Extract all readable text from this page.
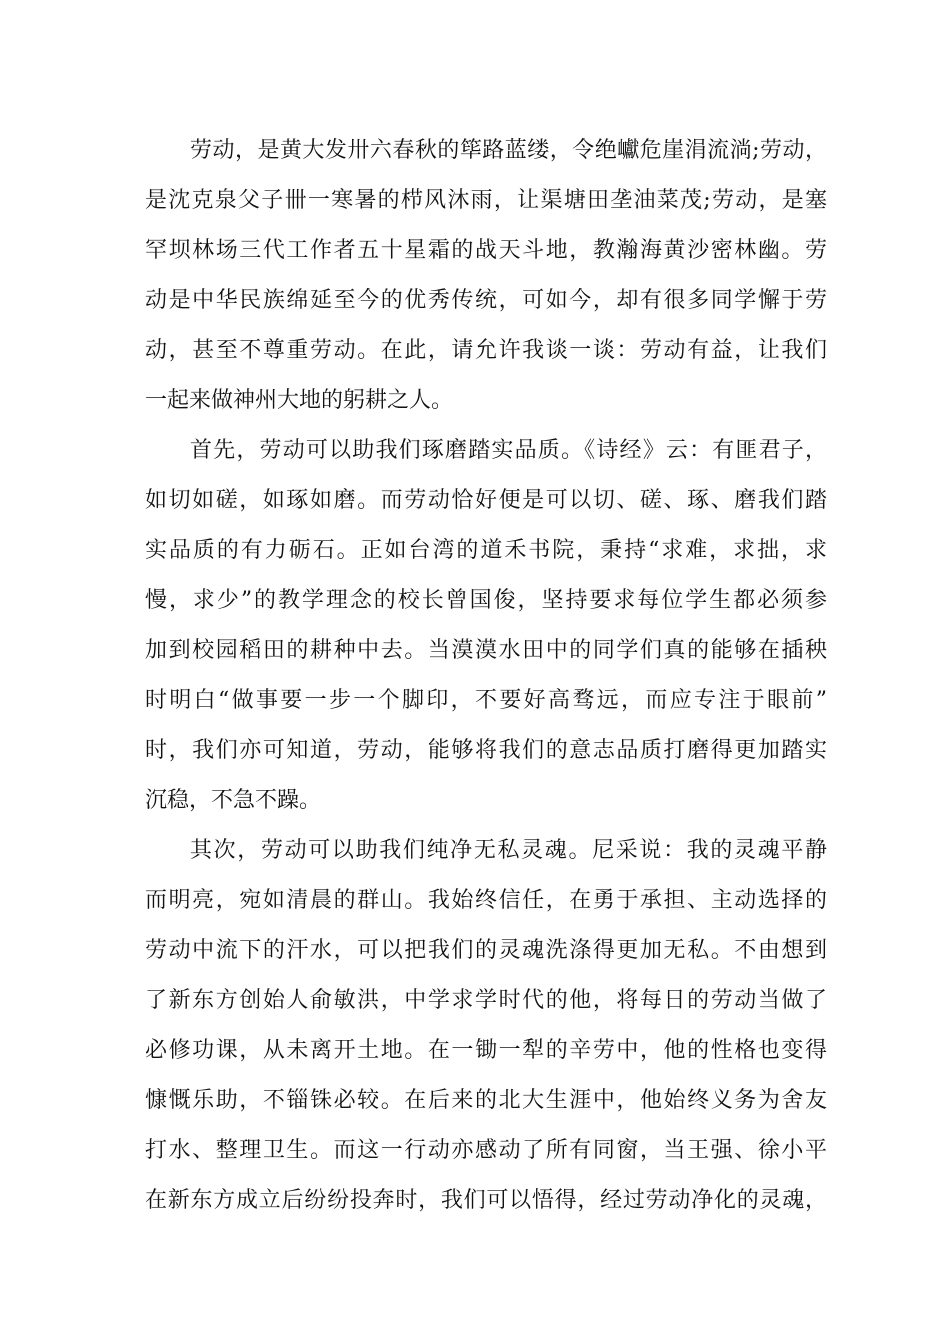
劳动，是黄大发卅六春秋的筚路蓝缕，令绝巘危崖涓流淌;劳动，
是沈克泉父子卌一寒暑的栉风沐雨，让渠塘田垄油菜茂;劳动，是塞
罕坝林场三代工作者五十星霜的战天斗地，教瀚海黄沙密林幽。劳
动是中华民族绵延至今的优秀传统，可如今，却有很多同学懈于劳
动，甚至不尊重劳动。在此，请允许我谈一谈：劳动有益，让我们
一起来做神州大地的躬耕之人。
首先，劳动可以助我们琢磨踏实品质。《诗经》云：有匪君子，
如切如磋，如琢如磨。而劳动恰好便是可以切、磋、琢、磨我们踏
实品质的有力砺石。正如台湾的道禾书院，秉持“求难，求拙，求
慢，求少”的教学理念的校长曾国俊，坚持要求每位学生都必须参
加到校园稻田的耕种中去。当漠漠水田中的同学们真的能够在插秧
时明白“做事要一步一个脚印，不要好高骛远，而应专注于眼前”
时，我们亦可知道，劳动，能够将我们的意志品质打磨得更加踏实
沉稳，不急不躁。
其次，劳动可以助我们纯净无私灵魂。尼采说：我的灵魂平静
而明亮，宛如清晨的群山。我始终信任，在勇于承担、主动选择的
劳动中流下的汗水，可以把我们的灵魂洗涤得更加无私。不由想到
了新东方创始人俞敏洪，中学求学时代的他，将每日的劳动当做了
必修功课，从未离开土地。在一锄一犁的辛劳中，他的性格也变得
慷慨乐助，不锱铢必较。在后来的北大生涯中，他始终义务为舍友
打水、整理卫生。而这一行动亦感动了所有同窗，当王强、徐小平
在新东方成立后纷纷投奔时，我们可以悟得，经过劳动净化的灵魂，
